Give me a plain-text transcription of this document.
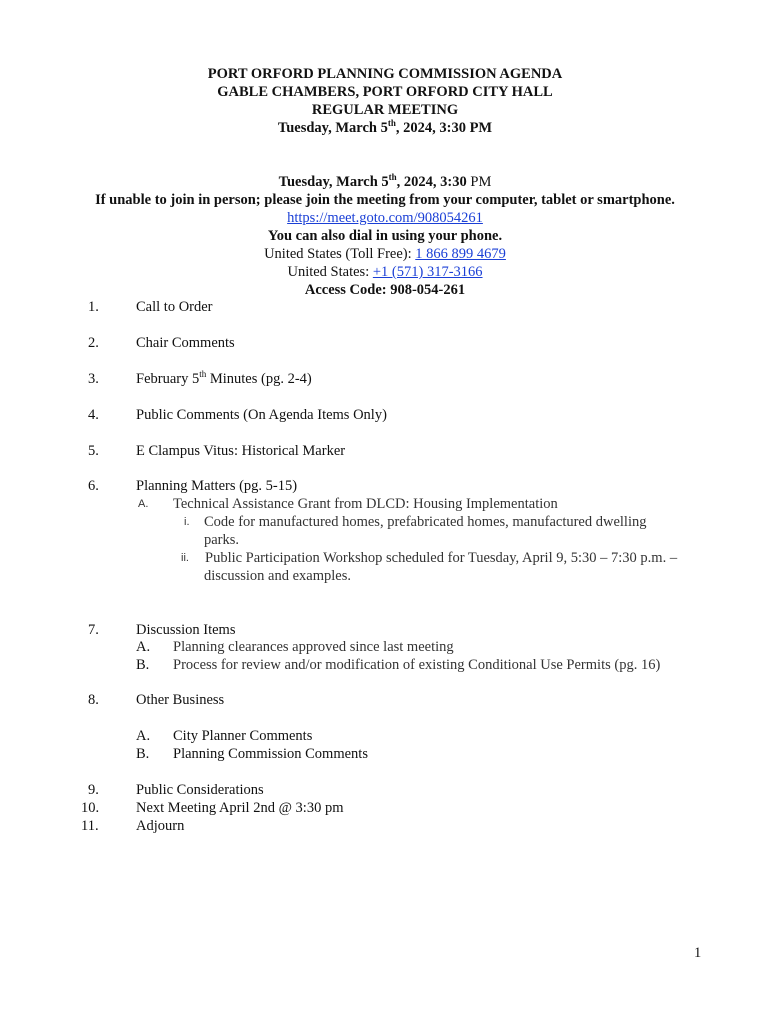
PORT ORFORD PLANNING COMMISSION AGENDA
GABLE CHAMBERS, PORT ORFORD CITY HALL
REGULAR MEETING
Tuesday, March 5th, 2024, 3:30 PM
Tuesday, March 5th, 2024, 3:30 PM
If unable to join in person; please join the meeting from your computer, tablet or smartphone.
https://meet.goto.com/908054261
You can also dial in using your phone.
United States (Toll Free): 1 866 899 4679
United States: +1 (571) 317-3166
Access Code: 908-054-261
1.	Call to Order
2.	Chair Comments
3.	February 5th Minutes (pg. 2-4)
4.	Public Comments (On Agenda Items Only)
5.	E Clampus Vitus: Historical Marker
6.	Planning Matters (pg. 5-15)
A. Technical Assistance Grant from DLCD: Housing Implementation
i. Code for manufactured homes, prefabricated homes, manufactured dwelling
parks.
ii. Public Participation Workshop scheduled for Tuesday, April 9, 5:30 – 7:30 p.m. –
discussion and examples.
7.	Discussion Items
A. Planning clearances approved since last meeting
B. Process for review and/or modification of existing Conditional Use Permits (pg. 16)
8.	Other Business
A. City Planner Comments
B. Planning Commission Comments
9.	Public Considerations
10.	Next Meeting April 2nd @ 3:30 pm
11.	Adjourn
1
